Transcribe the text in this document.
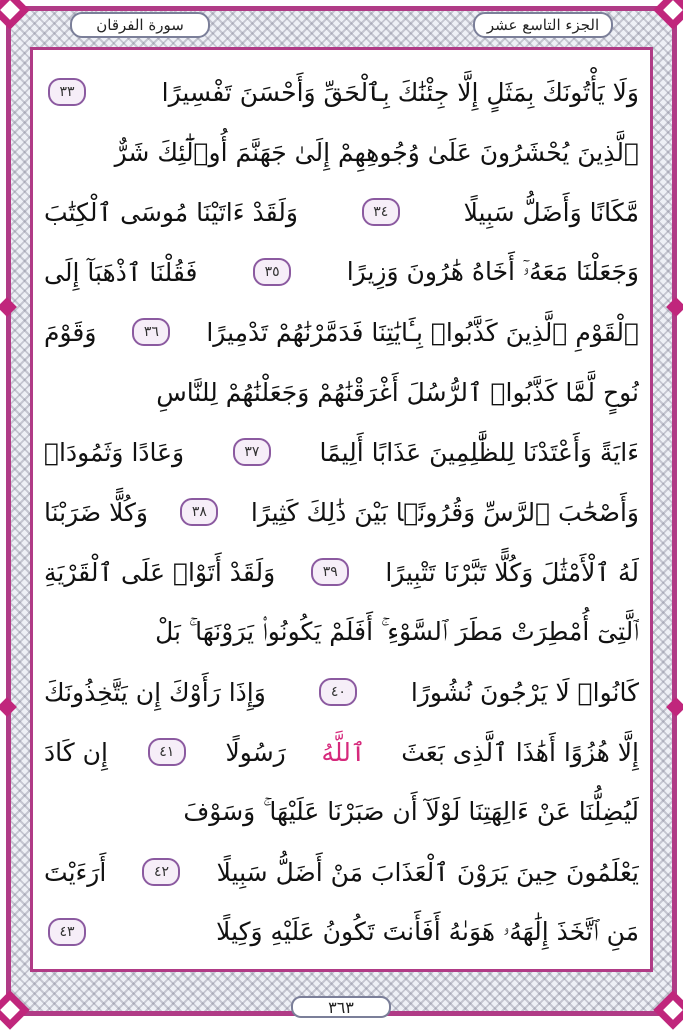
سورة الفرقان	الجزء التاسع عشر
وَلَا يَأْتُونَكَ بِمَثَلٍ إِلَّا جِئْنَٰكَ بِٱلْحَقِّ وَأَحْسَنَ تَفْسِيرًا
٣٣
ٱلَّذِينَ يُحْشَرُونَ عَلَىٰ وُجُوهِهِمْ إِلَىٰ جَهَنَّمَ أُو۟لَٰٓئِكَ شَرٌّ
مَّكَانًا وَأَضَلُّ سَبِيلًا
٣٤
وَلَقَدْ ءَاتَيْنَا مُوسَى ٱلْكِتَٰبَ
وَجَعَلْنَا مَعَهُۥٓ أَخَاهُ هَٰرُونَ وَزِيرًا
٣٥
فَقُلْنَا ٱذْهَبَآ إِلَى
ٱلْقَوْمِ ٱلَّذِينَ كَذَّبُوا۟ بِـَٔايَٰتِنَا فَدَمَّرْنَٰهُمْ تَدْمِيرًا
٣٦
وَقَوْمَ
نُوحٍ لَّمَّا كَذَّبُوا۟ ٱلرُّسُلَ أَغْرَقْنَٰهُمْ وَجَعَلْنَٰهُمْ لِلنَّاسِ
ءَايَةً وَأَعْتَدْنَا لِلظَّٰلِمِينَ عَذَابًا أَلِيمًا
٣٧
وَعَادًا وَثَمُودَا۟
وَأَصْحَٰبَ ٱلرَّسِّ وَقُرُونًۢا بَيْنَ ذَٰلِكَ كَثِيرًا
٣٨
وَكُلًّا ضَرَبْنَا
لَهُ ٱلْأَمْثَٰلَ وَكُلًّا تَبَّرْنَا تَتْبِيرًا
٣٩
وَلَقَدْ أَتَوْا۟ عَلَى ٱلْقَرْيَةِ
ٱلَّتِىٓ أُمْطِرَتْ مَطَرَ ٱلسَّوْءِ ۚ أَفَلَمْ يَكُونُوا۟ يَرَوْنَهَا ۚ بَلْ
كَانُوا۟ لَا يَرْجُونَ نُشُورًا
٤٠
وَإِذَا رَأَوْكَ إِن يَتَّخِذُونَكَ
إِلَّا هُزُوًا أَهَٰذَا ٱلَّذِى بَعَثَ
ٱللَّهُ
رَسُولًا
٤١
إِن كَادَ
لَيُضِلُّنَا عَنْ ءَالِهَتِنَا لَوْلَآ أَن صَبَرْنَا عَلَيْهَا ۚ وَسَوْفَ
يَعْلَمُونَ حِينَ يَرَوْنَ ٱلْعَذَابَ مَنْ أَضَلُّ سَبِيلًا
٤٢
أَرَءَيْتَ
مَنِ ٱتَّخَذَ إِلَٰهَهُۥ هَوَىٰهُ أَفَأَنتَ تَكُونُ عَلَيْهِ وَكِيلًا
٤٣
٣٦٣
